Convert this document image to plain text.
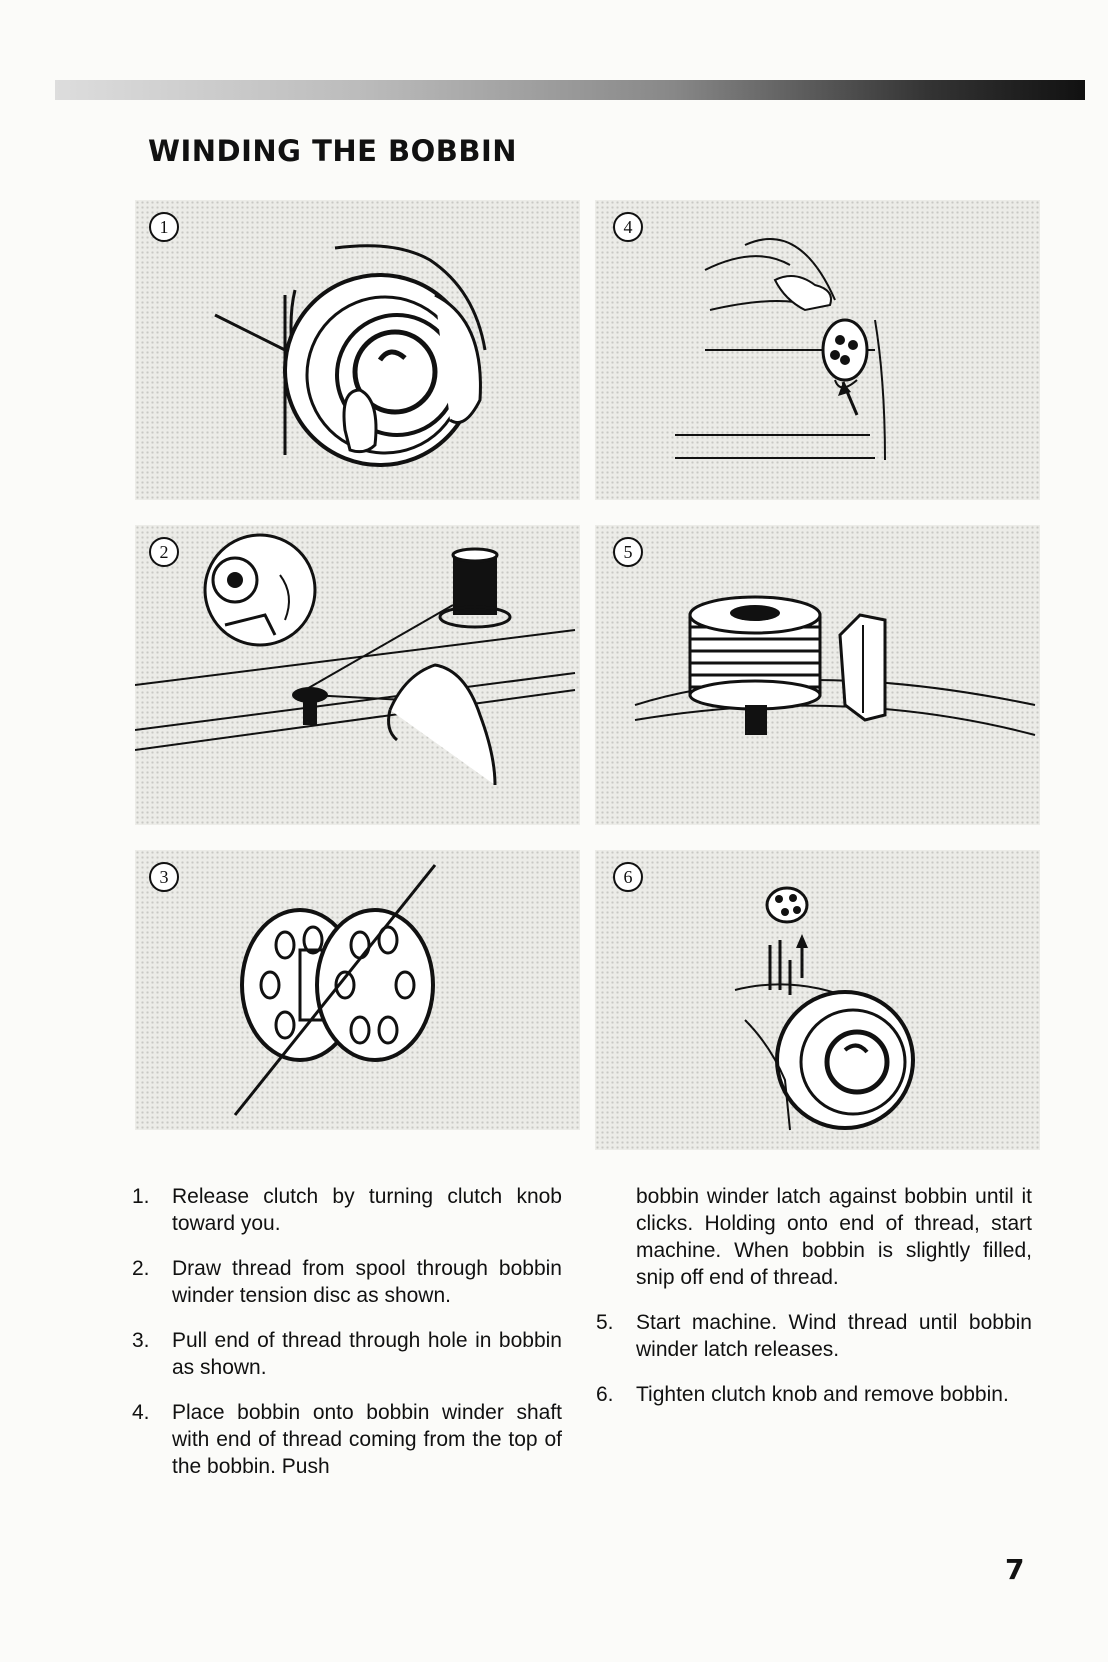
WINDING THE BOBBIN
1
2
3
4
5
6
1. Release clutch by turning clutch knob toward you.
2. Draw thread from spool through bobbin winder tension disc as shown.
3. Pull end of thread through hole in bobbin as shown.
4. Place bobbin onto bobbin winder shaft with end of thread coming from the top of the bobbin. Push
bobbin winder latch against bobbin until it clicks. Holding onto end of thread, start machine. When bobbin is slightly filled, snip off end of thread.
5. Start machine. Wind thread until bobbin winder latch releases.
6. Tighten clutch knob and remove bobbin.
7
